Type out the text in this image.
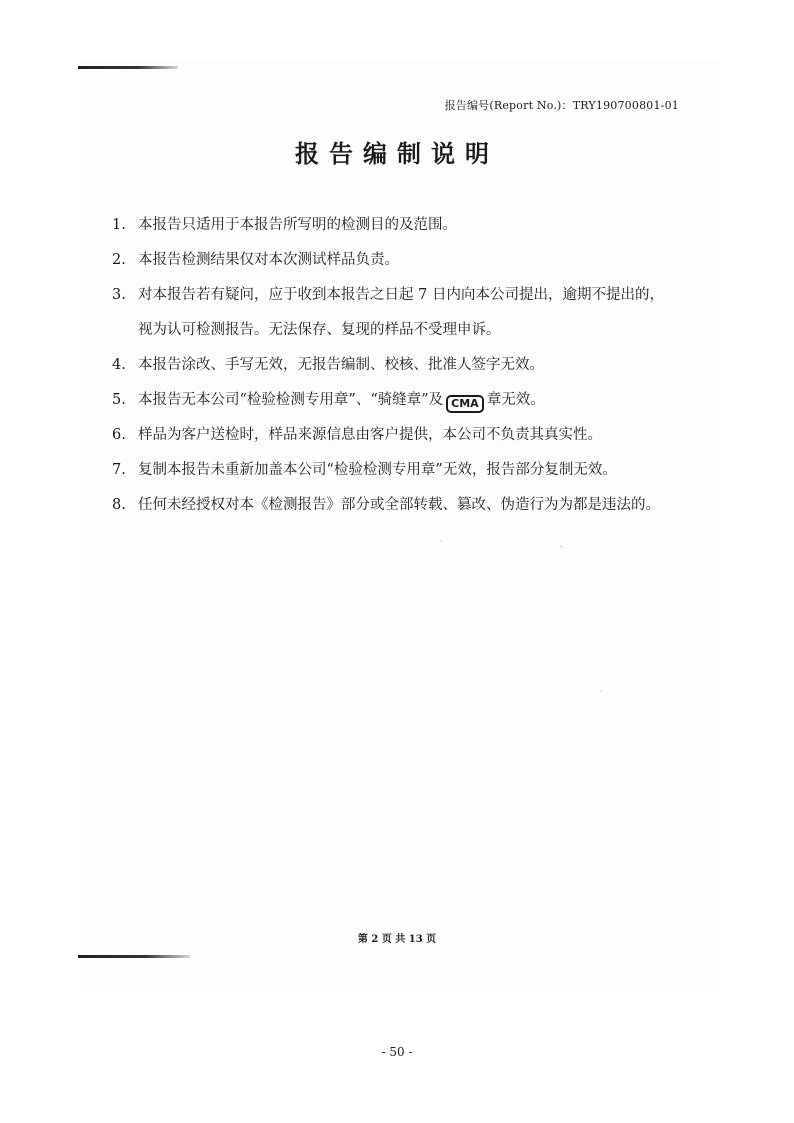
报告编号(Report No.)：TRY190700801-01
报告编制说明
1. 本报告只适用于本报告所写明的检测目的及范围。
2. 本报告检测结果仅对本次测试样品负责。
3. 对本报告若有疑问，应于收到本报告之日起 7 日内向本公司提出，逾期不提出的，
视为认可检测报告。无法保存、复现的样品不受理申诉。
4. 本报告涂改、手写无效，无报告编制、校核、批准人签字无效。
5. 本报告无本公司“检验检测专用章”、“骑缝章”及 CMA 章无效。
6. 样品为客户送检时，样品来源信息由客户提供，本公司不负责其真实性。
7. 复制本报告未重新加盖本公司“检验检测专用章”无效，报告部分复制无效。
8. 任何未经授权对本《检测报告》部分或全部转载、篡改、伪造行为为都是违法的。
第 2 页 共 13 页
- 50 -
